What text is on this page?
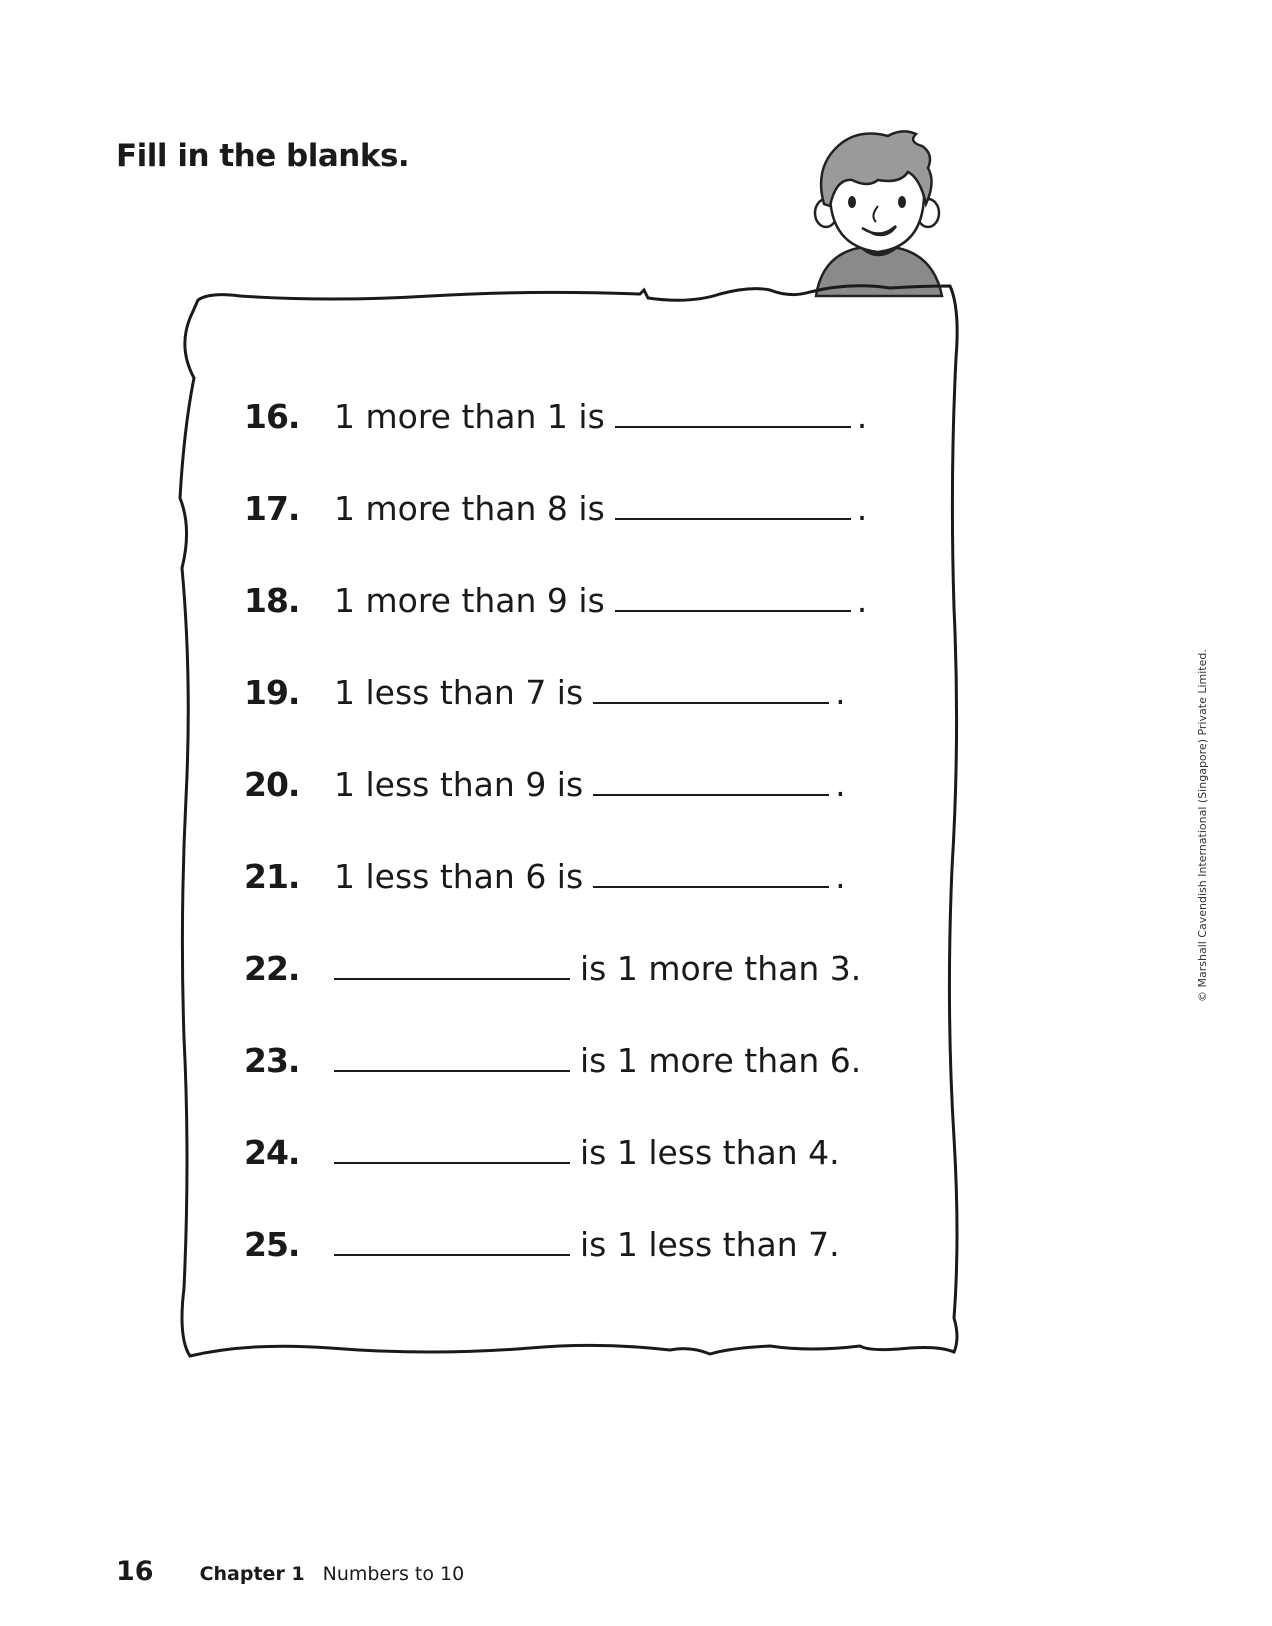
Fill in the blanks.
16. 1 more than 1 is	.
17. 1 more than 8 is	.
18. 1 more than 9 is	.
19. 1 less than 7 is	.
20. 1 less than 9 is	.
21. 1 less than 6 is	.
22.	is 1 more than 3.
23.	is 1 more than 6.
24.	is 1 less than 4.
25.	is 1 less than 7.
© Marshall Cavendish International (Singapore) Private Limited.
16 Chapter 1 Numbers to 10
